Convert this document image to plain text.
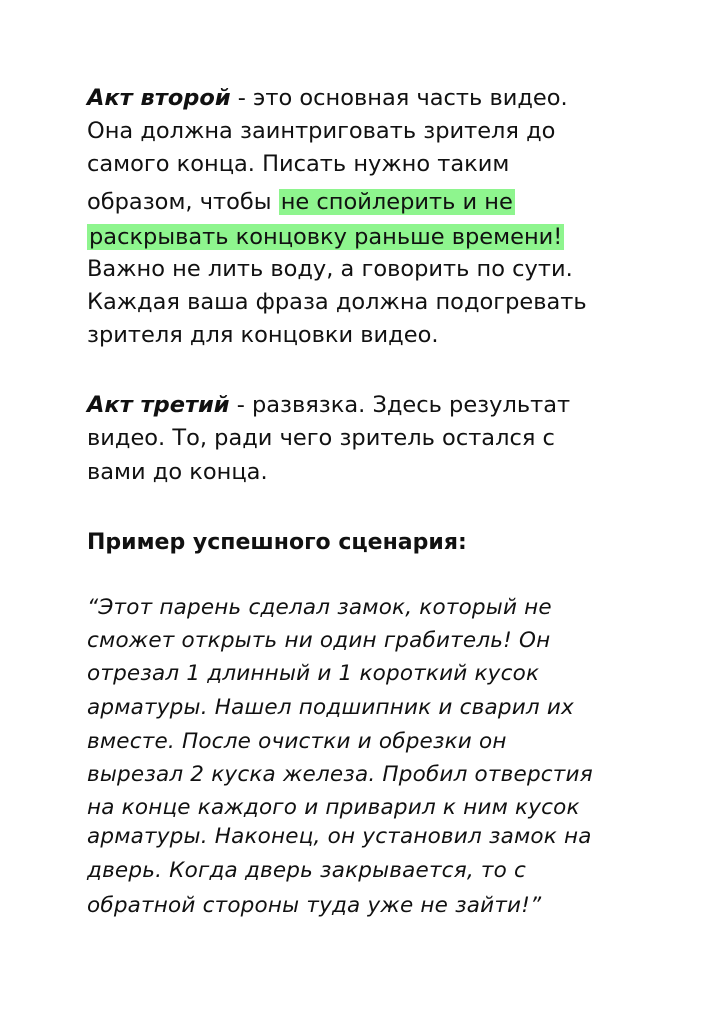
Акт второй - это основная часть видео.
Она должна заинтриговать зрителя до
самого конца. Писать нужно таким
образом, чтобы не спойлерить и не
раскрывать концовку раньше времени!
Важно не лить воду, а говорить по сути.
Каждая ваша фраза должна подогревать
зрителя для концовки видео.
Акт третий - развязка. Здесь результат
видео. То, ради чего зритель остался с
вами до конца.
Пример успешного сценария:
“Этот парень сделал замок, который не
сможет открыть ни один грабитель! Он
отрезал 1 длинный и 1 короткий кусок
арматуры. Нашел подшипник и сварил их
вместе. После очистки и обрезки он
вырезал 2 куска железа. Пробил отверстия
на конце каждого и приварил к ним кусок
арматуры. Наконец, он установил замок на
дверь. Когда дверь закрывается, то с
обратной стороны туда уже не зайти!”
